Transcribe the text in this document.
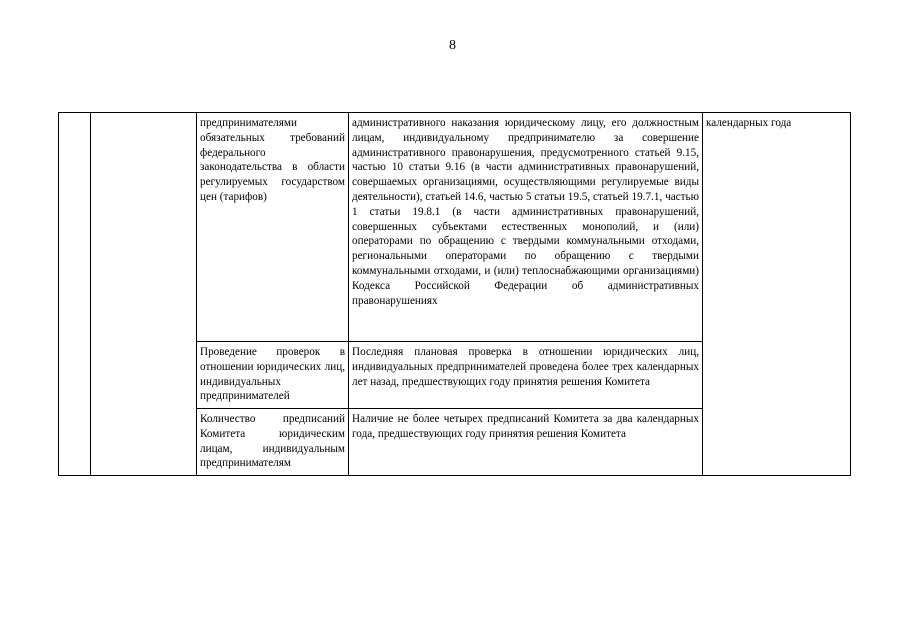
8
		предпринимателями обязательных требований федерального законодательства в области регулируемых государством цен (тарифов)	административного наказания юридическому лицу, его должностным лицам, индивидуальному предпринимателю за совершение административного правонарушения, предусмотренного статьей 9.15, частью 10 статьи 9.16 (в части административных правонарушений, совершаемых организациями, осуществляющими регулируемые виды деятельности), статьей 14.6, частью 5 статьи 19.5, статьей 19.7.1, частью 1 статьи 19.8.1 (в части административных правонарушений, совершенных субъектами естественных монополий, и (или) операторами по обращению с твердыми коммунальными отходами, региональными операторами по обращению с твердыми коммунальными отходами, и (или) теплоснабжающими организациями) Кодекса Российской Федерации об административных правонарушениях	календарных года
		Проведение проверок в отношении юридических лиц, индивидуальных предпринимателей	Последняя плановая проверка в отношении юридических лиц, индивидуальных предпринимателей проведена более трех календарных лет назад, предшествующих году принятия решения Комитета	
		Количество предписаний Комитета юридическим лицам, индивидуальным предпринимателям	Наличие не более четырех предписаний Комитета за два календарных года, предшествующих году принятия решения Комитета	
